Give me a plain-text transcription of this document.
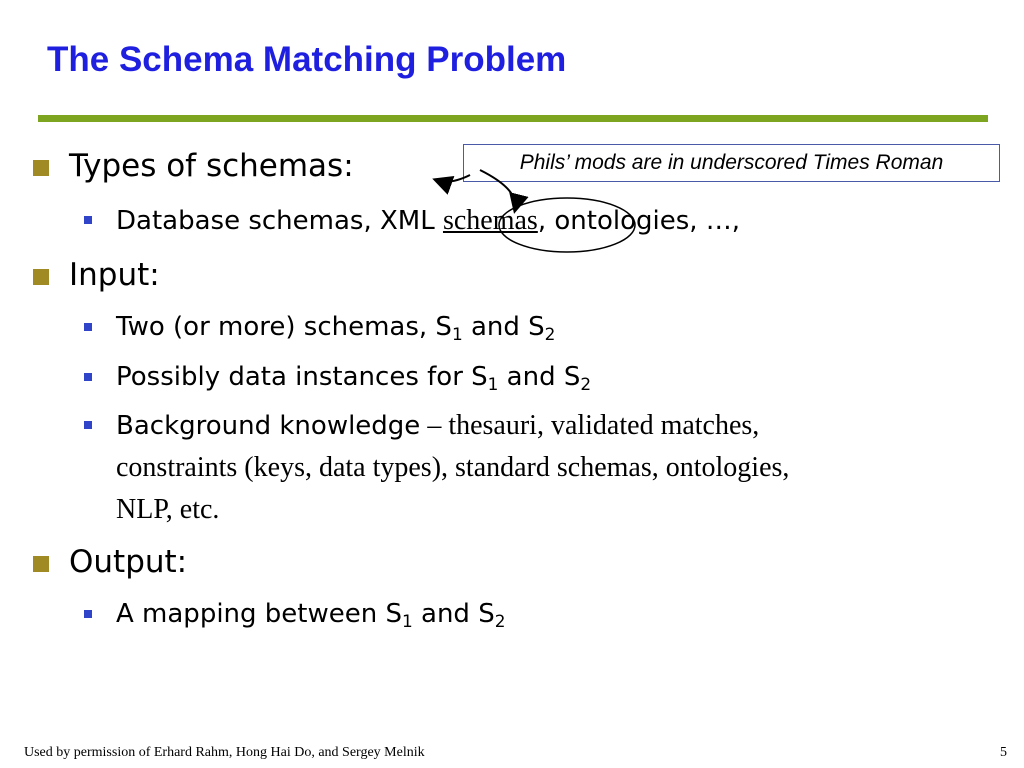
The Schema Matching Problem
Phils’ mods are in underscored Times Roman
Types of schemas:
Database schemas, XML schemas, ontologies, …,
Input:
Two (or more) schemas, $S_1$ and $S_2$
Possibly data instances for $S_1$ and $S_2$
Background knowledge – thesauri, validated matches,
constraints (keys, data types), standard schemas, ontologies,
NLP, etc.
Output:
A mapping between $S_1$ and $S_2$
Used by permission of Erhard Rahm, Hong Hai Do, and Sergey Melnik	5
